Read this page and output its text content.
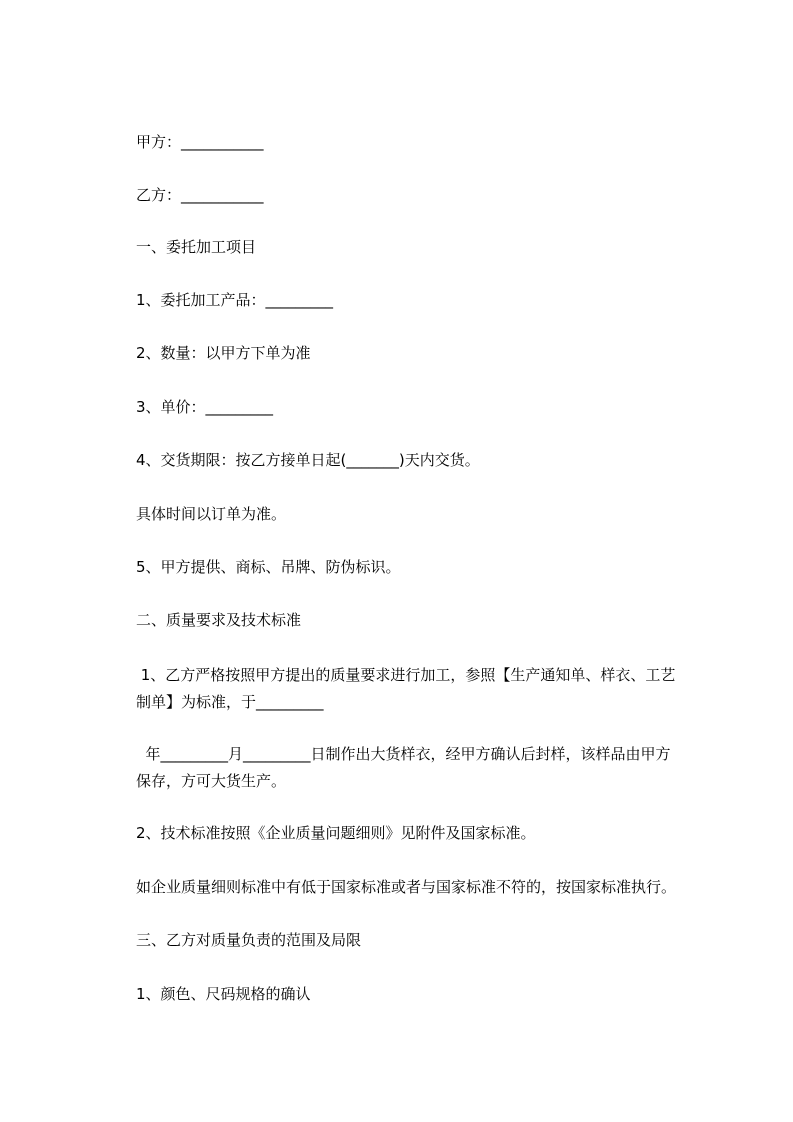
甲方：___________
乙方：___________
一、委托加工项目
1、委托加工产品：_________
2、数量：以甲方下单为准
3、单价：_________
4、交货期限：按乙方接单日起(_______)天内交货。
具体时间以订单为准。
5、甲方提供、商标、吊牌、防伪标识。
二、质量要求及技术标准
1、乙方严格按照甲方提出的质量要求进行加工，参照【生产通知单、样衣、工艺
制单】为标准，于_________
年_________月_________日制作出大货样衣，经甲方确认后封样，该样品由甲方
保存，方可大货生产。
2、技术标准按照《企业质量问题细则》见附件及国家标准。
如企业质量细则标准中有低于国家标准或者与国家标准不符的，按国家标准执行。
三、乙方对质量负责的范围及局限
1、颜色、尺码规格的确认
